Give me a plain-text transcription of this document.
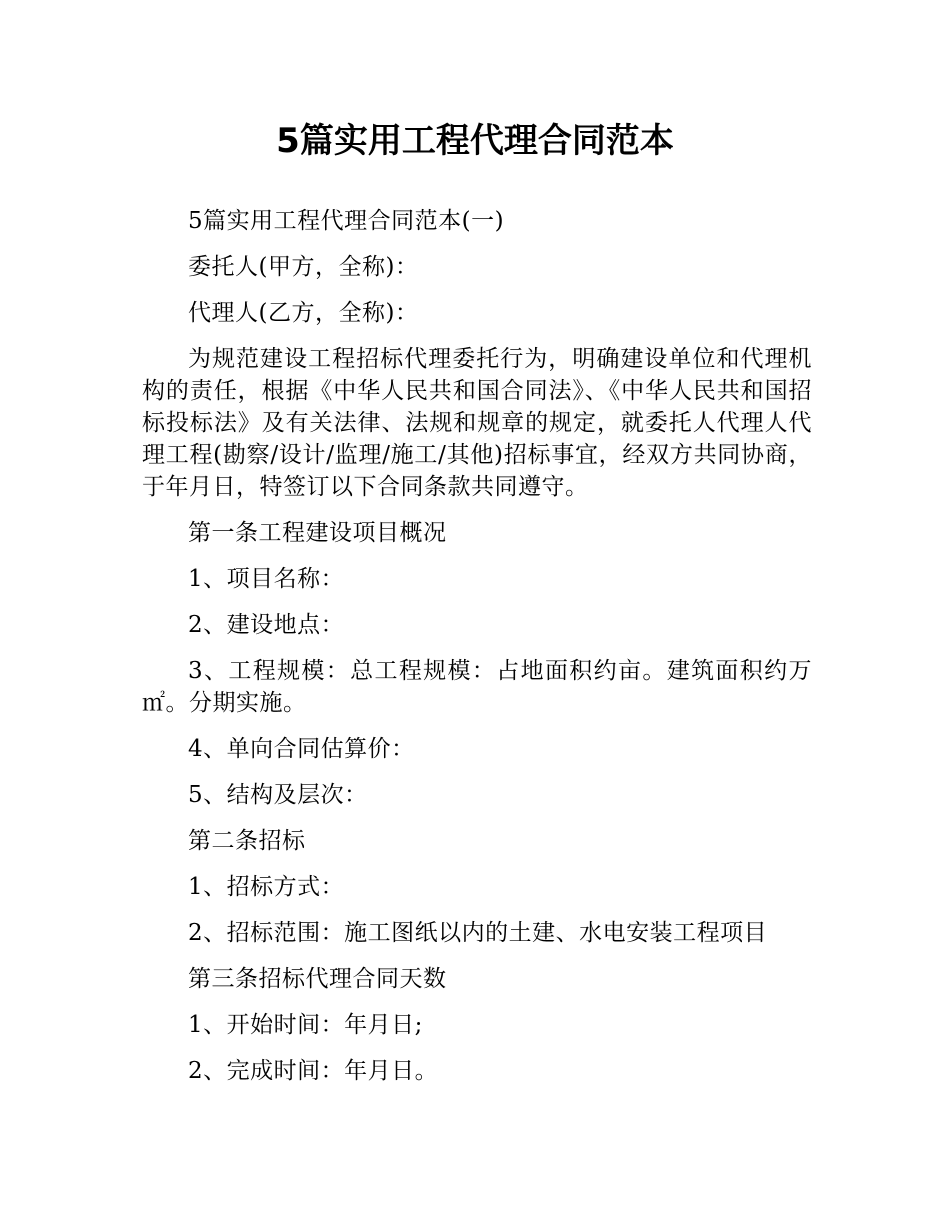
5篇实用工程代理合同范本

5篇实用工程代理合同范本(一)

委托人(甲方，全称)：

代理人(乙方，全称)：

为规范建设工程招标代理委托行为，明确建设单位和代理机构的责任，根据《中华人民共和国合同法》、《中华人民共和国招标投标法》及有关法律、法规和规章的规定，就委托人代理人代理工程(勘察/设计/监理/施工/其他)招标事宜，经双方共同协商，于年月日，特签订以下合同条款共同遵守。

第一条工程建设项目概况

1、项目名称：

2、建设地点：

3、工程规模：总工程规模：占地面积约亩。建筑面积约万㎡。分期实施。

4、单向合同估算价：

5、结构及层次：

第二条招标

1、招标方式：

2、招标范围：施工图纸以内的土建、水电安装工程项目

第三条招标代理合同天数

1、开始时间：年月日;

2、完成时间：年月日。
